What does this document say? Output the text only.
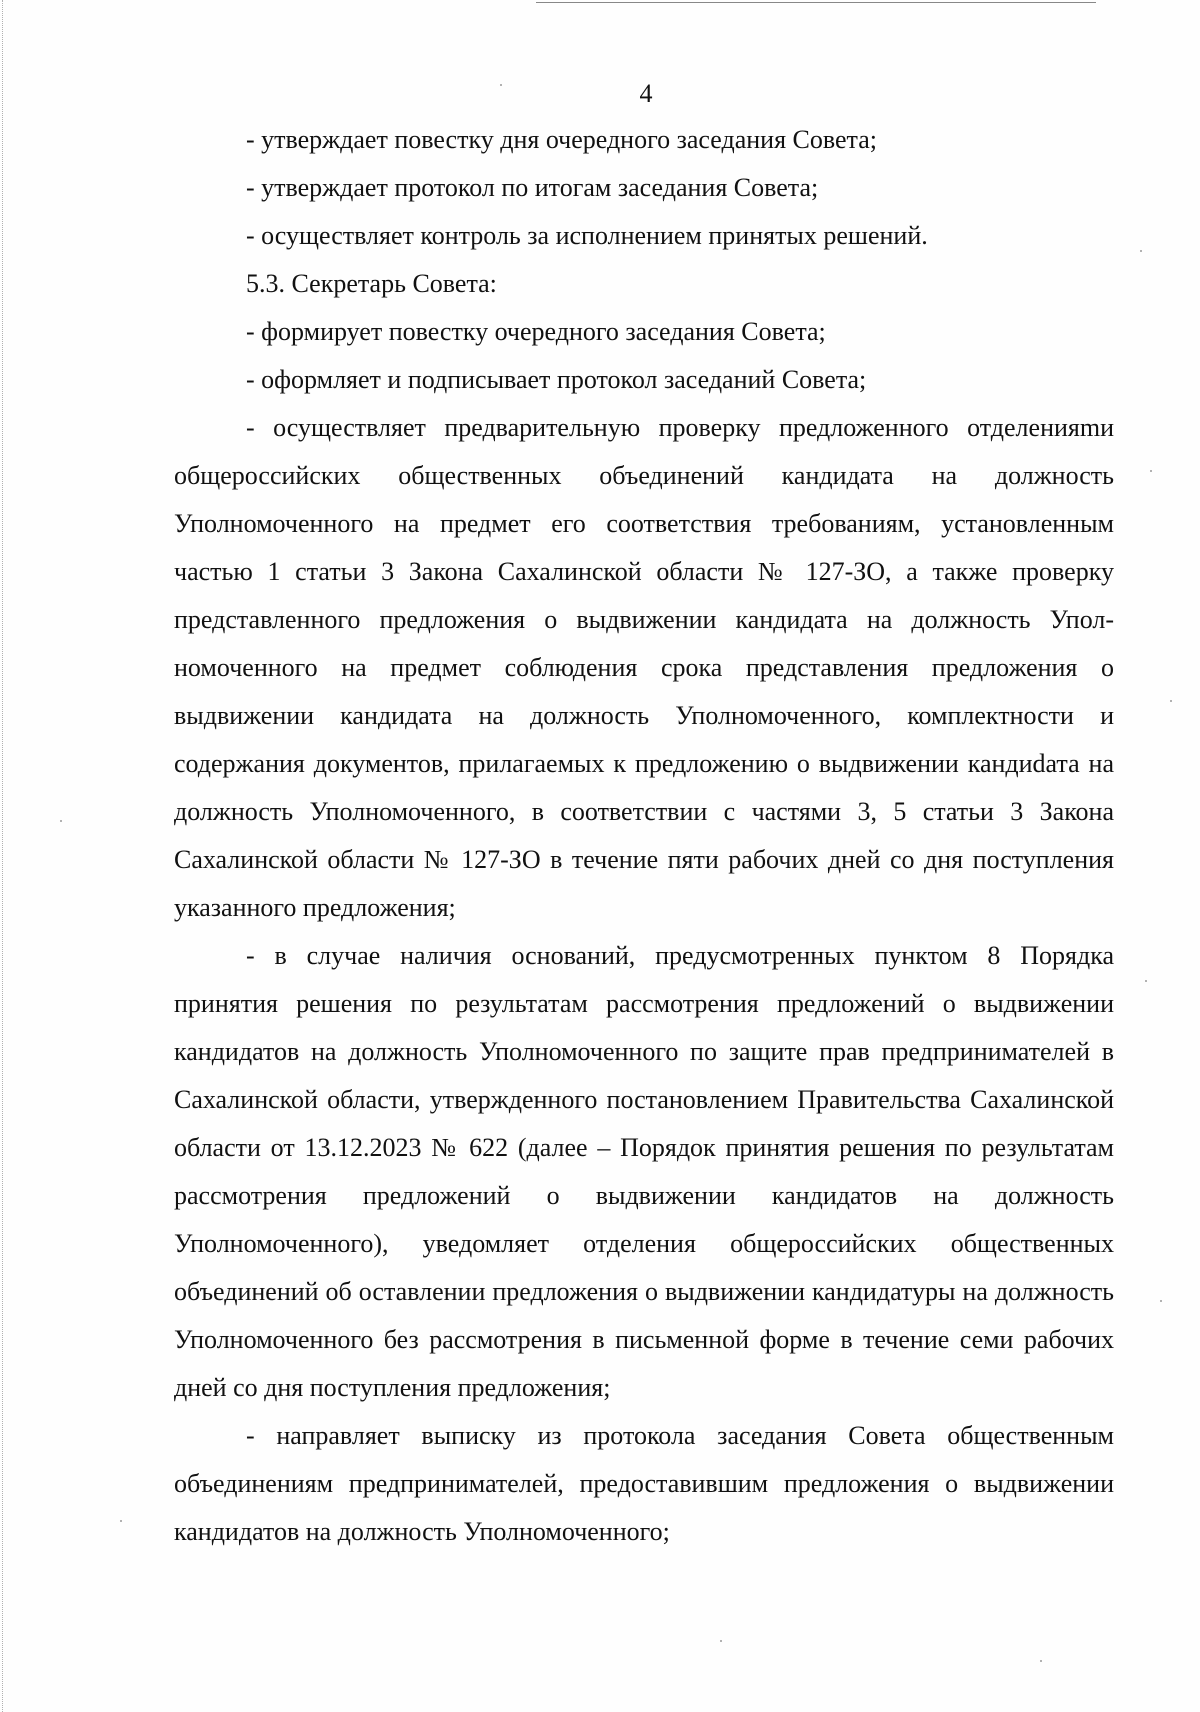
4

- утверждает повестку дня очередного заседания Совета;

- утверждает протокол по итогам заседания Совета;

- осуществляет контроль за исполнением принятых решений.

5.3. Секретарь Совета:

- формирует повестку очередного заседания Совета;

- оформляет и подписывает протокол заседаний Совета;

- осуществляет предварительную проверку предложенного отделенияmи общероссийских общественных объединений кандидата на должность Уполномоченного на предмет его соответствия требованиям, установленным частью 1 статьи 3 Закона Сахалинской области № 127-ЗО, а также проверку представленного предложения о выдвижении кандидата на должность Уполномоченного на предмет соблюдения срока представления предложения о выдвижении кандидата на должность Уполномоченного, комплектности и содержания документов, прилагаемых к предложению о выдвижении кандиdата на должность Уполномоченного, в соответствии с частями 3, 5 статьи 3 Закона Сахалинской области № 127-ЗО в течение пяти рабочих дней со дня поступления указанного предложения;

- в случае наличия оснований, предусмотренных пунктом 8 Порядка принятия решения по результатам рассмотрения предложений о выдвижении кандидатов на должность Уполномоченного по защите прав предпринимателей в Сахалинской области, утвержденного постановлением Правительства Сахалинской области от 13.12.2023 № 622 (далее – Порядок принятия решения по результатам рассмотрения предложений о выдвижении кандидатов на должность Уполномоченного), уведомляет отделения общероссийских общественных объединений об оставлении предложения о выдвижении кандидатуры на должность Уполномоченного без рассмотрения в письменной форме в течение семи рабочих дней со дня поступления предложения;

- направляет выписку из протокола заседания Совета общественным объединениям предпринимателей, предоставившим предложения о выдвижении кандидатов на должность Уполномоченного;
